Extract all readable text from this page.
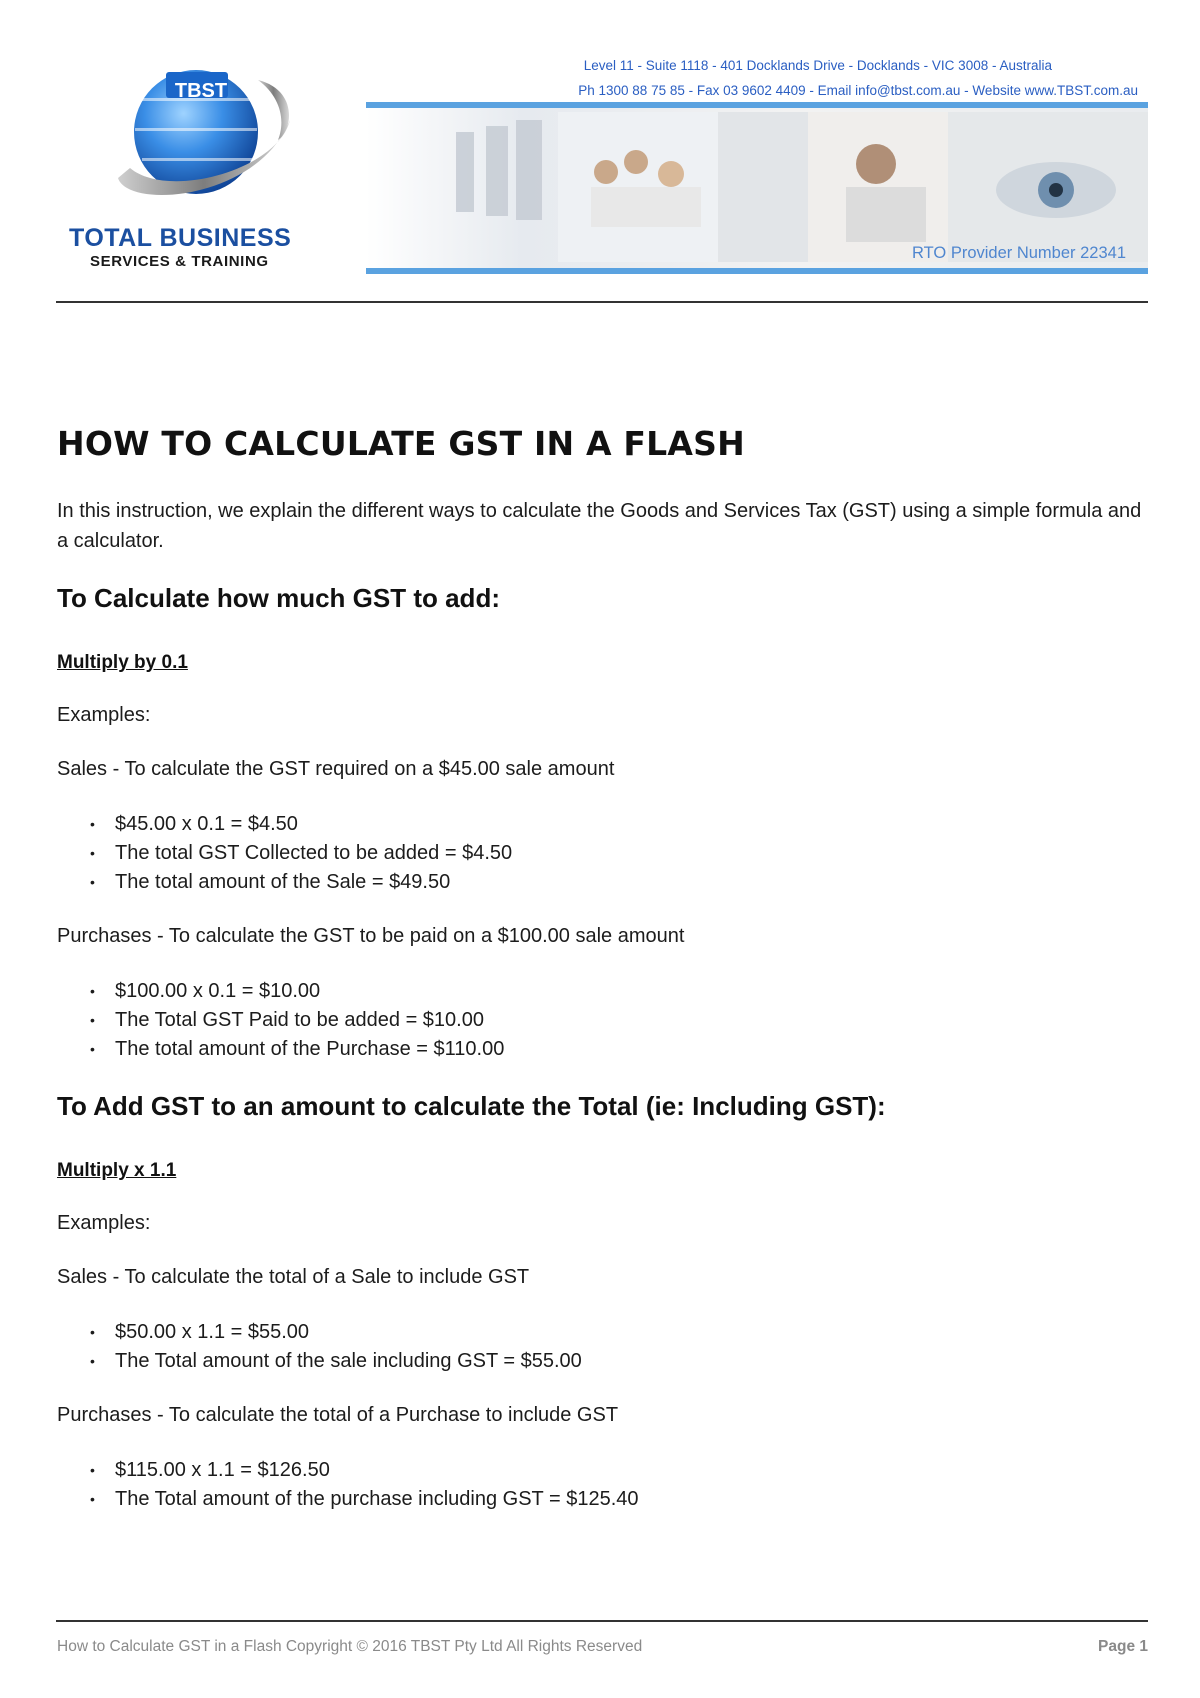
TBST
TOTAL BUSINESS
SERVICES & TRAINING
Level 11 - Suite 1118 - 401 Docklands Drive - Docklands - VIC 3008 - Australia
Ph 1300 88 75 85 - Fax 03 9602 4409 - Email info@tbst.com.au - Website www.TBST.com.au
RTO Provider Number 22341
HOW TO CALCULATE GST IN A FLASH

In this instruction, we explain the different ways to calculate the Goods and Services Tax (GST) using a simple formula and a calculator.

To Calculate how much GST to add:

Multiply by 0.1

Examples:

Sales - To calculate the GST required on a $45.00 sale amount

• $45.00 x 0.1 = $4.50
• The total GST Collected to be added = $4.50
• The total amount of the Sale = $49.50

Purchases - To calculate the GST to be paid on a $100.00 sale amount

• $100.00 x 0.1 = $10.00
• The Total GST Paid to be added = $10.00
• The total amount of the Purchase = $110.00
To Add GST to an amount to calculate the Total (ie: Including GST):

Multiply x 1.1

Examples:

Sales - To calculate the total of a Sale to include GST

• $50.00 x 1.1 = $55.00
• The Total amount of the sale including GST = $55.00

Purchases - To calculate the total of a Purchase to include GST

• $115.00 x 1.1 = $126.50
• The Total amount of the purchase including GST = $125.40
How to Calculate GST in a Flash Copyright © 2016 TBST Pty Ltd All Rights Reserved	Page 1
